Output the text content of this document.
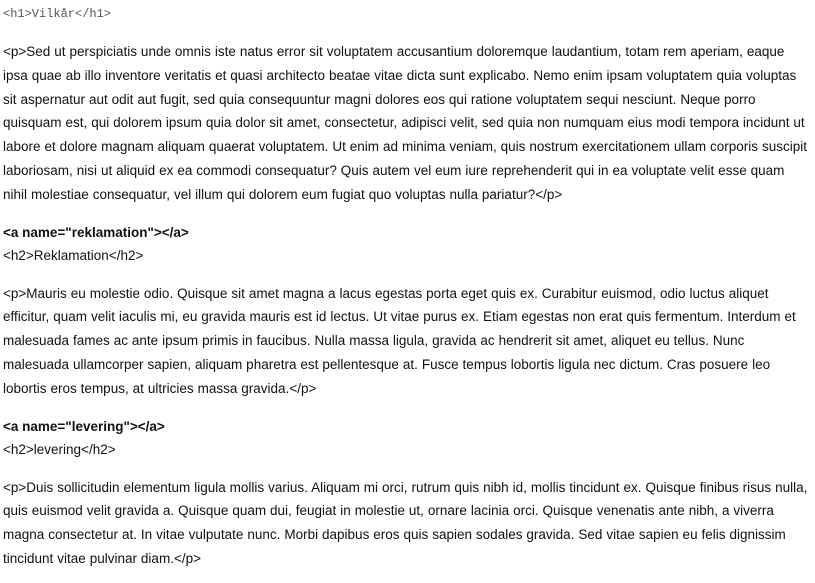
<h1>Vilkår</h1>

<p>Sed ut perspiciatis unde omnis iste natus error sit voluptatem accusantium doloremque laudantium, totam rem aperiam, eaque ipsa quae ab illo inventore veritatis et quasi architecto beatae vitae dicta sunt explicabo. Nemo enim ipsam voluptatem quia voluptas sit aspernatur aut odit aut fugit, sed quia consequuntur magni dolores eos qui ratione voluptatem sequi nesciunt. Neque porro quisquam est, qui dolorem ipsum quia dolor sit amet, consectetur, adipisci velit, sed quia non numquam eius modi tempora incidunt ut labore et dolore magnam aliquam quaerat voluptatem. Ut enim ad minima veniam, quis nostrum exercitationem ullam corporis suscipit laboriosam, nisi ut aliquid ex ea commodi consequatur? Quis autem vel eum iure reprehenderit qui in ea voluptate velit esse quam nihil molestiae consequatur, vel illum qui dolorem eum fugiat quo voluptas nulla pariatur?</p>

<a name="reklamation"></a>
<h2>Reklamation</h2>

<p>Mauris eu molestie odio. Quisque sit amet magna a lacus egestas porta eget quis ex. Curabitur euismod, odio luctus aliquet efficitur, quam velit iaculis mi, eu gravida mauris est id lectus. Ut vitae purus ex. Etiam egestas non erat quis fermentum. Interdum et malesuada fames ac ante ipsum primis in faucibus. Nulla massa ligula, gravida ac hendrerit sit amet, aliquet eu tellus. Nunc malesuada ullamcorper sapien, aliquam pharetra est pellentesque at. Fusce tempus lobortis ligula nec dictum. Cras posuere leo lobortis eros tempus, at ultricies massa gravida.</p>

<a name="levering"></a>
<h2>levering</h2>

<p>Duis sollicitudin elementum ligula mollis varius. Aliquam mi orci, rutrum quis nibh id, mollis tincidunt ex. Quisque finibus risus nulla, quis euismod velit gravida a. Quisque quam dui, feugiat in molestie ut, ornare lacinia orci. Quisque venenatis ante nibh, a viverra magna consectetur at. In vitae vulputate nunc. Morbi dapibus eros quis sapien sodales gravida. Sed vitae sapien eu felis dignissim tincidunt vitae pulvinar diam.</p>
